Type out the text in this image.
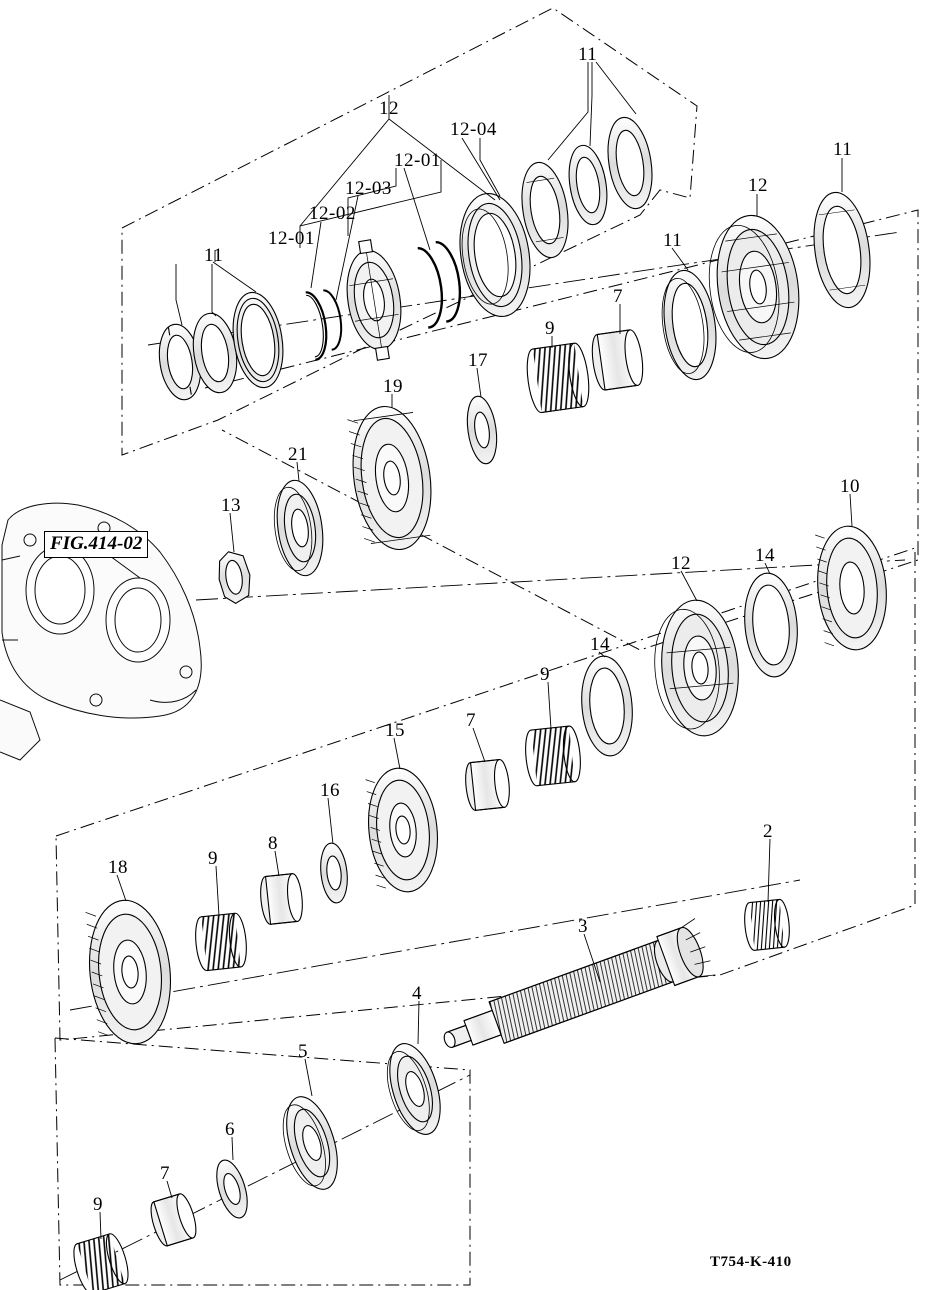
FIG.414-02
T754-K-410
11
12
12-04
12-01
11
12-03	12
12-02
12-01
11
11
7
9
17
19
10
21
13
14
12
14
9
7
15
16
8
2
9
18
3
4
5
6
7
9
